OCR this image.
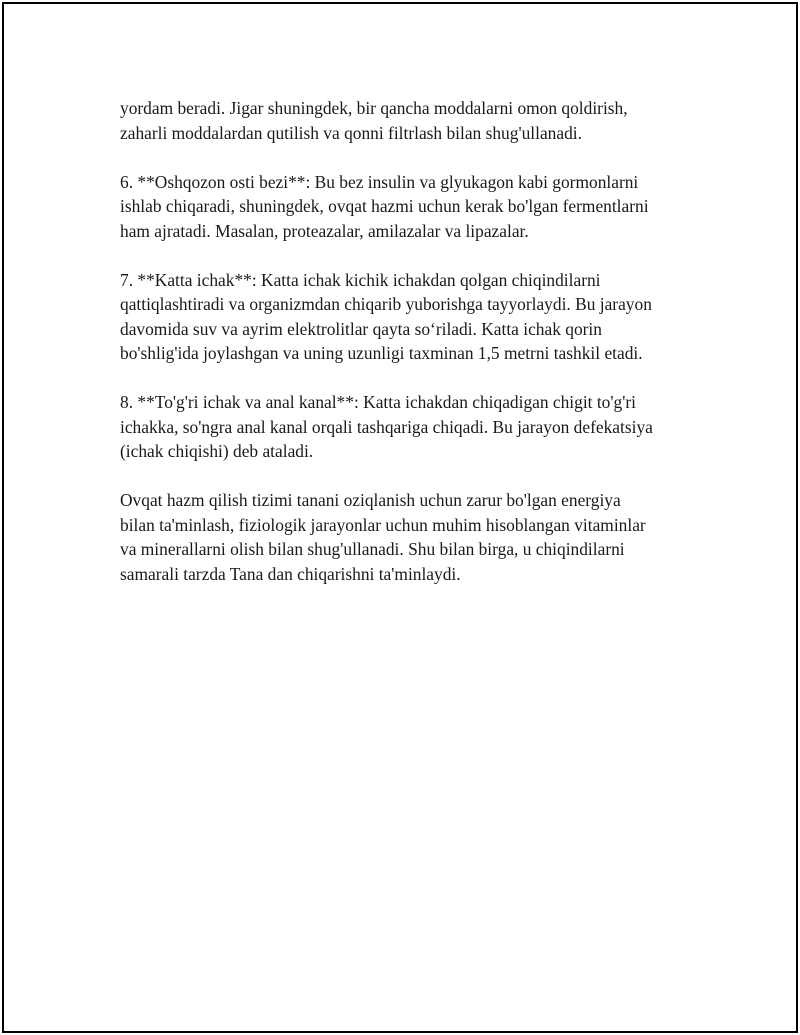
yordam beradi. Jigar shuningdek, bir qancha moddalarni omon qoldirish,
zaharli moddalardan qutilish va qonni filtrlash bilan shug'ullanadi.

6. **Oshqozon osti bezi**: Bu bez insulin va glyukagon kabi gormonlarni
ishlab chiqaradi, shuningdek, ovqat hazmi uchun kerak bo'lgan fermentlarni
ham ajratadi. Masalan, proteazalar, amilazalar va lipazalar.

7. **Katta ichak**: Katta ichak kichik ichakdan qolgan chiqindilarni
qattiqlashtiradi va organizmdan chiqarib yuborishga tayyorlaydi. Bu jarayon
davomida suv va ayrim elektrolitlar qayta so‘riladi. Katta ichak qorin
bo'shlig'ida joylashgan va uning uzunligi taxminan 1,5 metrni tashkil etadi.

8. **To'g'ri ichak va anal kanal**: Katta ichakdan chiqadigan chigit to'g'ri
ichakka, so'ngra anal kanal orqali tashqariga chiqadi. Bu jarayon defekatsiya
(ichak chiqishi) deb ataladi.

Ovqat hazm qilish tizimi tanani oziqlanish uchun zarur bo'lgan energiya
bilan ta'minlash, fiziologik jarayonlar uchun muhim hisoblangan vitaminlar
va minerallarni olish bilan shug'ullanadi. Shu bilan birga, u chiqindilarni
samarali tarzda Tana dan chiqarishni ta'minlaydi.
